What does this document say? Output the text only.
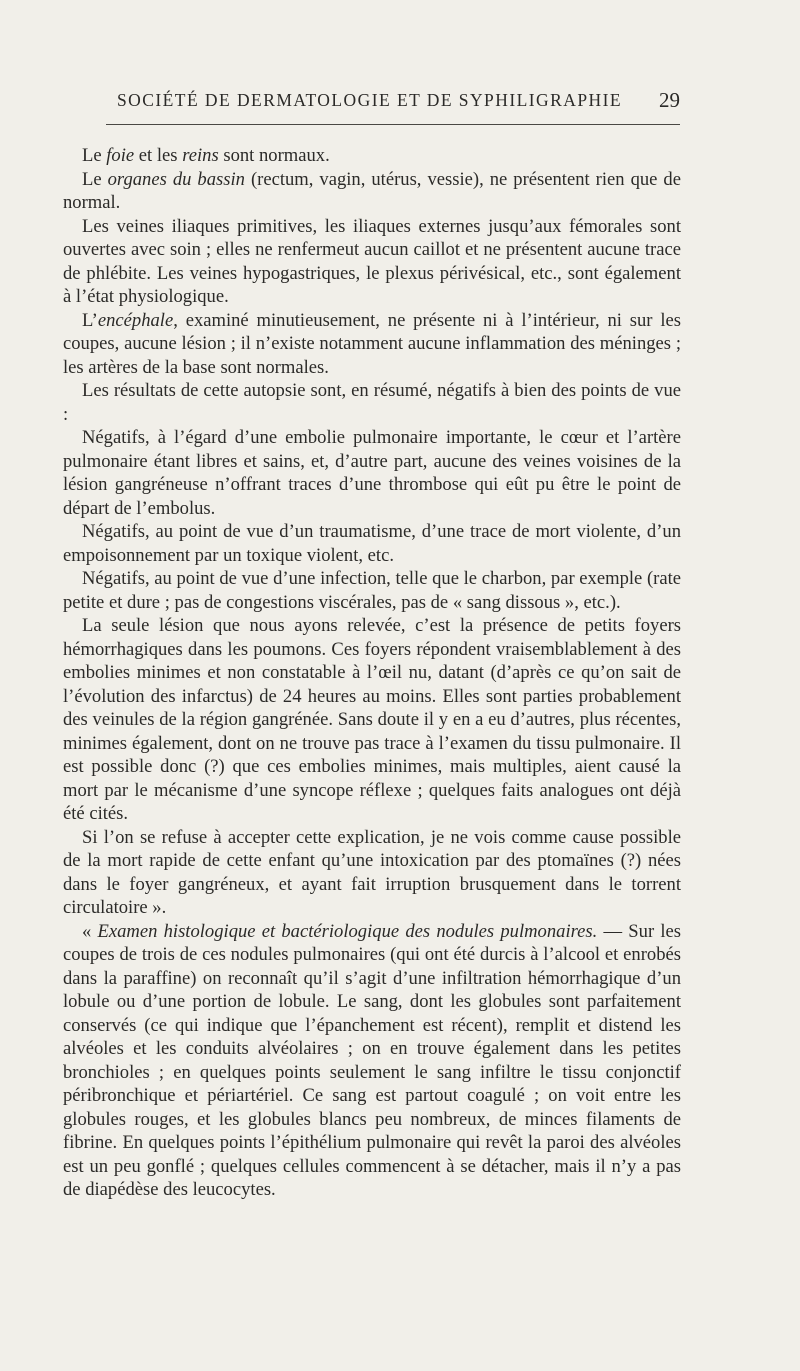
SOCIÉTÉ DE DERMATOLOGIE ET DE SYPHILIGRAPHIE 29

Le foie et les reins sont normaux.

Le organes du bassin (rectum, vagin, utérus, vessie), ne présentent rien que de normal.

Les veines iliaques primitives, les iliaques externes jusqu’aux fémorales sont ouvertes avec soin ; elles ne renfermeut aucun caillot et ne présentent aucune trace de phlébite. Les veines hypogastriques, le plexus périvésical, etc., sont également à l’état physiologique.

L’encéphale, examiné minutieusement, ne présente ni à l’intérieur, ni sur les coupes, aucune lésion ; il n’existe notamment aucune inflammation des méninges ; les artères de la base sont normales.

Les résultats de cette autopsie sont, en résumé, négatifs à bien des points de vue :

Négatifs, à l’égard d’une embolie pulmonaire importante, le cœur et l’artère pulmonaire étant libres et sains, et, d’autre part, aucune des veines voisines de la lésion gangréneuse n’offrant traces d’une thrombose qui eût pu être le point de départ de l’embolus.

Négatifs, au point de vue d’un traumatisme, d’une trace de mort violente, d’un empoisonnement par un toxique violent, etc.

Négatifs, au point de vue d’une infection, telle que le charbon, par exemple (rate petite et dure ; pas de congestions viscérales, pas de « sang dissous », etc.).

La seule lésion que nous ayons relevée, c’est la présence de petits foyers hémorrhagiques dans les poumons. Ces foyers répondent vraisemblablement à des embolies minimes et non constatable à l’œil nu, datant (d’après ce qu’on sait de l’évolution des infarctus) de 24 heures au moins. Elles sont parties probablement des veinules de la région gangrénée. Sans doute il y en a eu d’autres, plus récentes, minimes également, dont on ne trouve pas trace à l’examen du tissu pulmonaire. Il est possible donc (?) que ces embolies minimes, mais multiples, aient causé la mort par le mécanisme d’une syncope réflexe ; quelques faits analogues ont déjà été cités.

Si l’on se refuse à accepter cette explication, je ne vois comme cause possible de la mort rapide de cette enfant qu’une intoxication par des ptomaïnes (?) nées dans le foyer gangréneux, et ayant fait irruption brusquement dans le torrent circulatoire ».

« Examen histologique et bactériologique des nodules pulmonaires. — Sur les coupes de trois de ces nodules pulmonaires (qui ont été durcis à l’alcool et enrobés dans la paraffine) on reconnaît qu’il s’agit d’une infiltration hémorrhagique d’un lobule ou d’une portion de lobule. Le sang, dont les globules sont parfaitement conservés (ce qui indique que l’épanchement est récent), remplit et distend les alvéoles et les conduits alvéolaires ; on en trouve également dans les petites bronchioles ; en quelques points seulement le sang infiltre le tissu conjonctif péribronchique et périartériel. Ce sang est partout coagulé ; on voit entre les globules rouges, et les globules blancs peu nombreux, de minces filaments de fibrine. En quelques points l’épithélium pulmonaire qui revêt la paroi des alvéoles est un peu gonflé ; quelques cellules commencent à se détacher, mais il n’y a pas de diapédèse des leucocytes.
